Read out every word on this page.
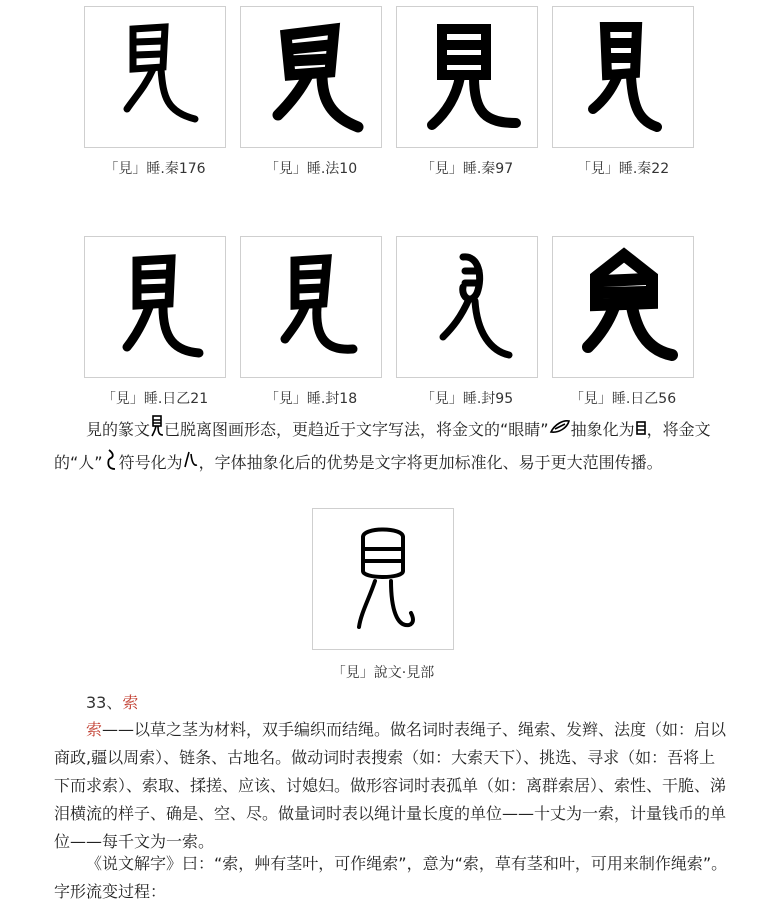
「見」睡.秦176	「見」睡.法10	「見」睡.秦97	「見」睡.秦22
「見」睡.日乙21	「見」睡.封18	「見」睡.封95	「見」睡.日乙56
見的篆文 已脱离图画形态，更趋近于文字写法，将金文的“眼睛” 抽象化为 ，将金文的“人” 符号化为 ，字体抽象化后的优势是文字将更加标准化、易于更大范围传播。
「見」說文·見部
33、索
索——以草之茎为材料，双手编织而结绳。做名词时表绳子、绳索、发辫、法度（如：启以商政,疆以周索）、链条、古地名。做动词时表搜索（如：大索天下）、挑选、寻求（如：吾将上下而求索）、索取、揉搓、应该、讨媳妇。做形容词时表孤单（如：离群索居）、索性、干脆、涕泪横流的样子、确是、空、尽。做量词时表以绳计量长度的单位——十丈为一索，计量钱币的单位——每千文为一索。
《说文解字》曰：“索，艸有茎叶，可作绳索”，意为“索，草有茎和叶，可用来制作绳索”。字形流变过程：
